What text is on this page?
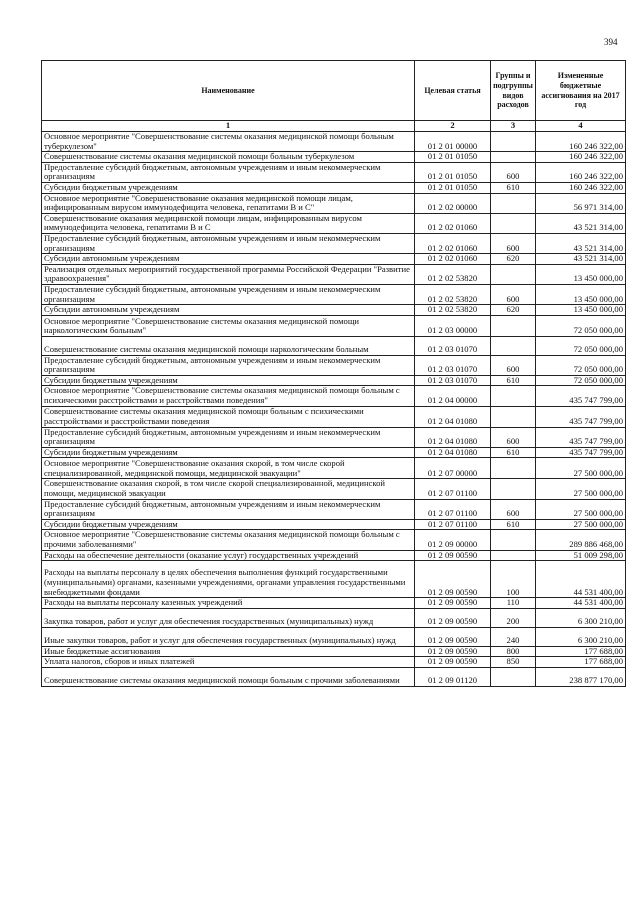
394
Наименование	Целевая статья	Группы и подгруппы видов расходов	Измененные бюджетные ассигнования на 2017 год
1	2	3	4
Основное мероприятие "Совершенствование системы оказания медицинской помощи больным туберкулезом"	01 2 01 00000		160 246 322,00
Совершенствование системы оказания медицинской помощи больным туберкулезом	01 2 01 01050		160 246 322,00
Предоставление субсидий бюджетным, автономным учреждениям и иным некоммерческим организациям	01 2 01 01050	600	160 246 322,00
Субсидии бюджетным учреждениям	01 2 01 01050	610	160 246 322,00
Основное мероприятие "Совершенствование оказания медицинской помощи лицам, инфицированным вирусом иммунодефицита человека, гепатитами В и С"	01 2 02 00000		56 971 314,00
Совершенствование оказания медицинской помощи лицам, инфицированным вирусом иммунодефицита человека, гепатитами В и С	01 2 02 01060		43 521 314,00
Предоставление субсидий бюджетным, автономным учреждениям и иным некоммерческим организациям	01 2 02 01060	600	43 521 314,00
Субсидии автономным учреждениям	01 2 02 01060	620	43 521 314,00
Реализация отдельных мероприятий государственной программы Российской Федерации "Развитие здравоохранения"	01 2 02 53820		13 450 000,00
Предоставление субсидий бюджетным, автономным учреждениям и иным некоммерческим организациям	01 2 02 53820	600	13 450 000,00
Субсидии автономным учреждениям	01 2 02 53820	620	13 450 000,00
Основное мероприятие "Совершенствование системы оказания медицинской помощи наркологическим больным"	01 2 03 00000		72 050 000,00
Совершенствование системы оказания медицинской помощи наркологическим больным	01 2 03 01070		72 050 000,00
Предоставление субсидий бюджетным, автономным учреждениям и иным некоммерческим организациям	01 2 03 01070	600	72 050 000,00
Субсидии бюджетным учреждениям	01 2 03 01070	610	72 050 000,00
Основное мероприятие "Совершенствование системы оказания медицинской помощи больным с психическими расстройствами и расстройствами поведения"	01 2 04 00000		435 747 799,00
Совершенствование системы оказания медицинской помощи больным с психическими расстройствами и расстройствами поведения	01 2 04 01080		435 747 799,00
Предоставление субсидий бюджетным, автономным учреждениям и иным некоммерческим организациям	01 2 04 01080	600	435 747 799,00
Субсидии бюджетным учреждениям	01 2 04 01080	610	435 747 799,00
Основное мероприятие "Совершенствование оказания скорой, в том числе скорой специализированной, медицинской помощи, медицинской эвакуации"	01 2 07 00000		27 500 000,00
Совершенствование оказания скорой, в том числе скорой специализированной, медицинской помощи, медицинской эвакуации	01 2 07 01100		27 500 000,00
Предоставление субсидий бюджетным, автономным учреждениям и иным некоммерческим организациям	01 2 07 01100	600	27 500 000,00
Субсидии бюджетным учреждениям	01 2 07 01100	610	27 500 000,00
Основное мероприятие "Совершенствование системы оказания медицинской помощи больным с прочими заболеваниями"	01 2 09 00000		289 886 468,00
Расходы на обеспечение деятельности (оказание услуг) государственных учреждений	01 2 09 00590		51 009 298,00
Расходы на выплаты персоналу в целях обеспечения выполнения функций государственными (муниципальными) органами, казенными учреждениями, органами управления государственными внебюджетными фондами	01 2 09 00590	100	44 531 400,00
Расходы на выплаты персоналу казенных учреждений	01 2 09 00590	110	44 531 400,00
Закупка товаров, работ и услуг для обеспечения государственных (муниципальных) нужд	01 2 09 00590	200	6 300 210,00
Иные закупки товаров, работ и услуг для обеспечения государственных (муниципальных) нужд	01 2 09 00590	240	6 300 210,00
Иные бюджетные ассигнования	01 2 09 00590	800	177 688,00
Уплата налогов, сборов и иных платежей	01 2 09 00590	850	177 688,00
Совершенствование системы оказания медицинской помощи больным с прочими заболеваниями	01 2 09 01120		238 877 170,00
